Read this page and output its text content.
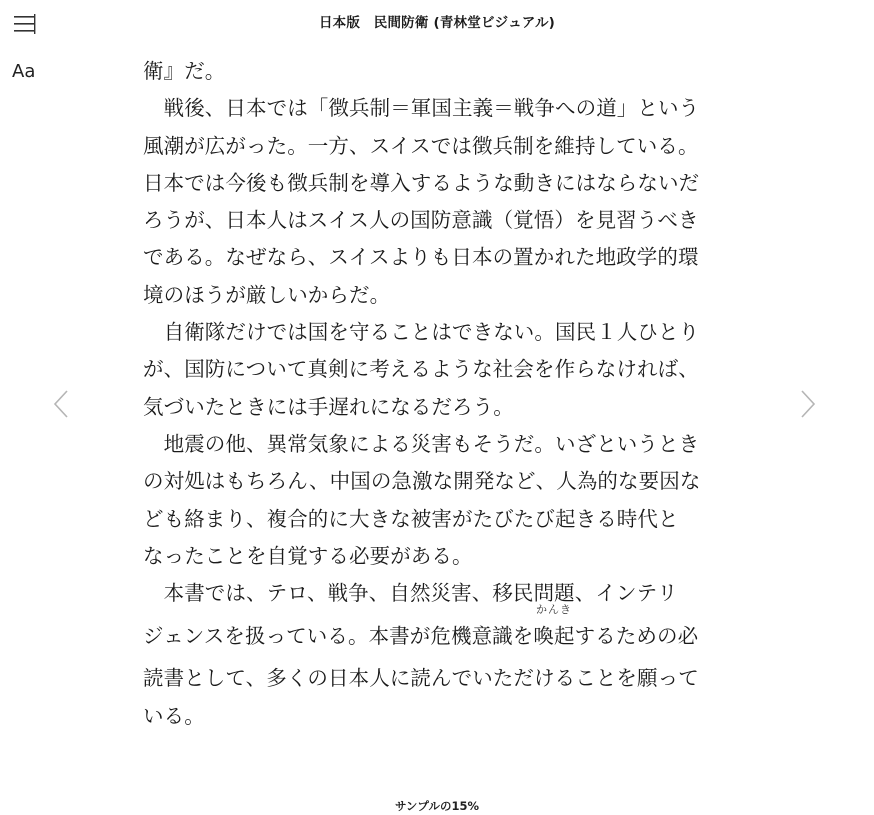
日本版　民間防衛 (青林堂ビジュアル)
Aa	衛』だ。
　戦後、日本では「徴兵制＝軍国主義＝戦争への道」という
風潮が広がった。一方、スイスでは徴兵制を維持している。
日本では今後も徴兵制を導入するような動きにはならないだ
ろうが、日本人はスイス人の国防意識（覚悟）を見習うべき
である。なぜなら、スイスよりも日本の置かれた地政学的環
境のほうが厳しいからだ。
　自衛隊だけでは国を守ることはできない。国民１人ひとり
が、国防について真剣に考えるような社会を作らなければ、
気づいたときには手遅れになるだろう。
　地震の他、異常気象による災害もそうだ。いざというとき
の対処はもちろん、中国の急激な開発など、人為的な要因な
ども絡まり、複合的に大きな被害がたびたび起きる時代と
なったことを自覚する必要がある。
　本書では、テロ、戦争、自然災害、移民問題、インテリ
ジェンスを扱っている。本書が危機意識を
かんき
喚起するための必
読書として、多くの日本人に読んでいただけることを願って
いる。
サンプルの15%
